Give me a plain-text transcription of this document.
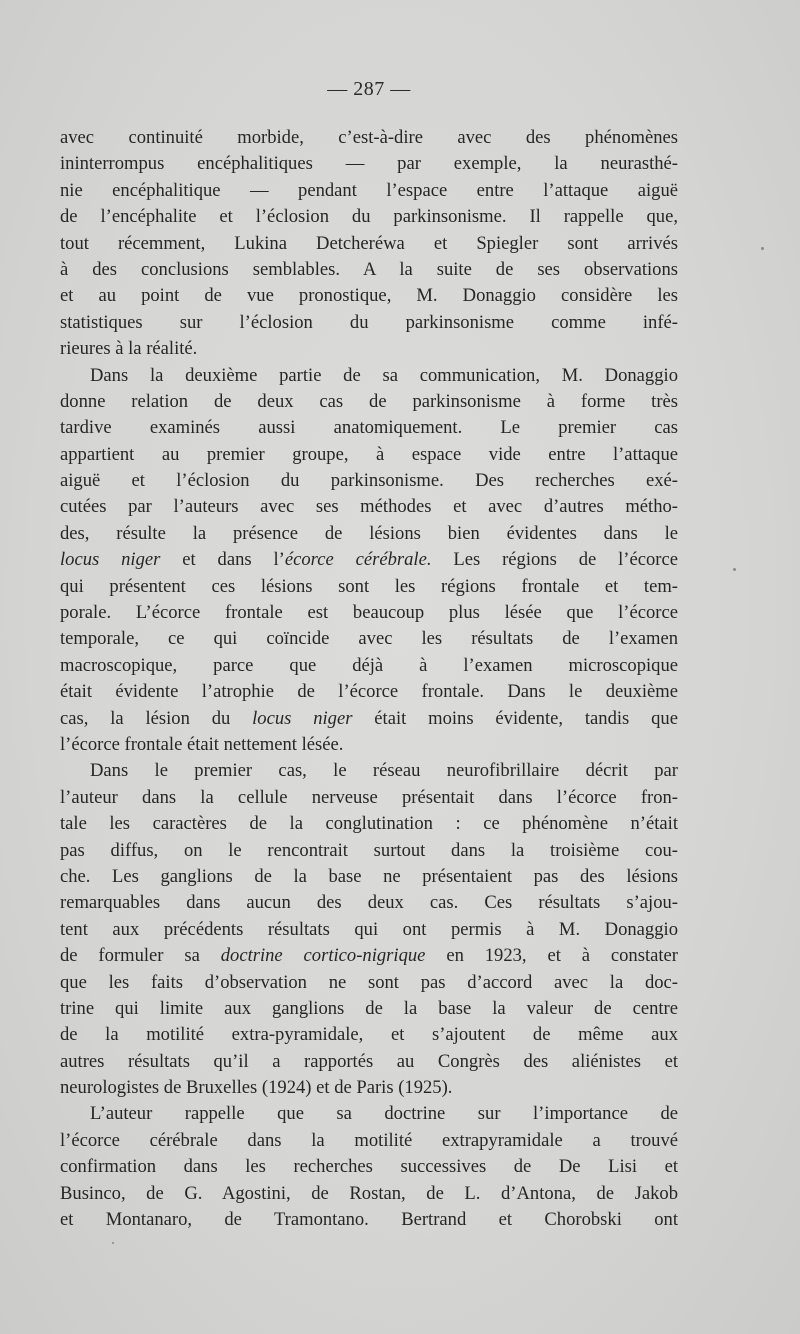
— 287 —
avec continuité morbide, c’est-à-dire avec des phénomènes
ininterrompus encéphalitiques — par exemple, la neurasthé-
nie encéphalitique — pendant l’espace entre l’attaque aiguë
de l’encéphalite et l’éclosion du parkinsonisme. Il rappelle que,
tout récemment, Lukina Detcheréwa et Spiegler sont arrivés
à des conclusions semblables. A la suite de ses observations
et au point de vue pronostique, M. Donaggio considère les
statistiques sur l’éclosion du parkinsonisme comme infé-
rieures à la réalité.
Dans la deuxième partie de sa communication, M. Donaggio
donne relation de deux cas de parkinsonisme à forme très
tardive examinés aussi anatomiquement. Le premier cas
appartient au premier groupe, à espace vide entre l’attaque
aiguë et l’éclosion du parkinsonisme. Des recherches exé-
cutées par l’auteurs avec ses méthodes et avec d’autres métho-
des, résulte la présence de lésions bien évidentes dans le
locus niger et dans l’écorce cérébrale. Les régions de l’écorce
qui présentent ces lésions sont les régions frontale et tem-
porale. L’écorce frontale est beaucoup plus lésée que l’écorce
temporale, ce qui coïncide avec les résultats de l’examen
macroscopique, parce que déjà à l’examen microscopique
était évidente l’atrophie de l’écorce frontale. Dans le deuxième
cas, la lésion du locus niger était moins évidente, tandis que
l’écorce frontale était nettement lésée.
Dans le premier cas, le réseau neurofibrillaire décrit par
l’auteur dans la cellule nerveuse présentait dans l’écorce fron-
tale les caractères de la conglutination : ce phénomène n’était
pas diffus, on le rencontrait surtout dans la troisième cou-
che. Les ganglions de la base ne présentaient pas des lésions
remarquables dans aucun des deux cas. Ces résultats s’ajou-
tent aux précédents résultats qui ont permis à M. Donaggio
de formuler sa doctrine cortico-nigrique en 1923, et à constater
que les faits d’observation ne sont pas d’accord avec la doc-
trine qui limite aux ganglions de la base la valeur de centre
de la motilité extra-pyramidale, et s’ajoutent de même aux
autres résultats qu’il a rapportés au Congrès des aliénistes et
neurologistes de Bruxelles (1924) et de Paris (1925).
L’auteur rappelle que sa doctrine sur l’importance de
l’écorce cérébrale dans la motilité extrapyramidale a trouvé
confirmation dans les recherches successives de De Lisi et
Businco, de G. Agostini, de Rostan, de L. d’Antona, de Jakob
et Montanaro, de Tramontano. Bertrand et Chorobski ont
